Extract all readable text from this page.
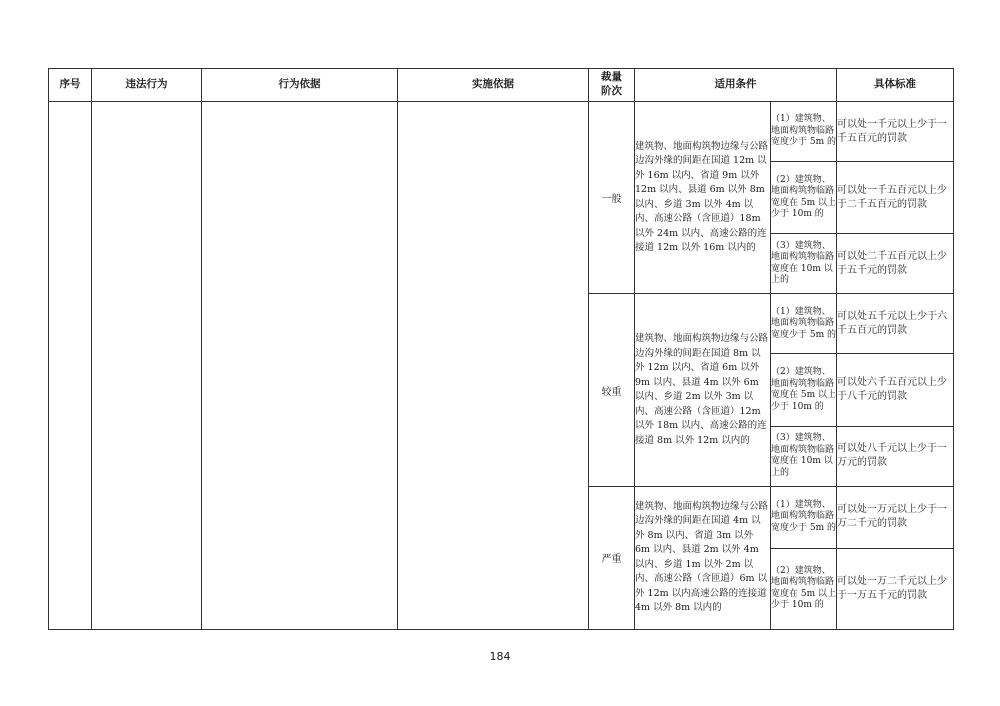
序号	违法行为	行为依据	实施依据	裁量
阶次	适用条件		具体标准
				一般	建筑物、地面构筑物边缘与公路边沟外缘的间距在国道 12m 以外 16m 以内、省道 9m 以外 12m 以内、县道 6m 以外 8m 以内、乡道 3m 以外 4m 以内、高速公路（含匝道）18m 以外 24m 以内、高速公路的连接道 12m 以外 16m 以内的	（1）建筑物、地面构筑物临路宽度少于 5m 的	可以处一千元以上少于一千五百元的罚款
						（2）建筑物、地面构筑物临路宽度在 5m 以上少于 10m 的	可以处一千五百元以上少于二千五百元的罚款
						（3）建筑物、地面构筑物临路宽度在 10m 以上的	可以处二千五百元以上少于五千元的罚款
				较重	建筑物、地面构筑物边缘与公路边沟外缘的间距在国道 8m 以外 12m 以内、省道 6m 以外 9m 以内、县道 4m 以外 6m 以内、乡道 2m 以外 3m 以内、高速公路（含匝道）12m 以外 18m 以内、高速公路的连接道 8m 以外 12m 以内的	（1）建筑物、地面构筑物临路宽度少于 5m 的	可以处五千元以上少于六千五百元的罚款
						（2）建筑物、地面构筑物临路宽度在 5m 以上少于 10m 的	可以处六千五百元以上少于八千元的罚款
						（3）建筑物、地面构筑物临路宽度在 10m 以上的	可以处八千元以上少于一万元的罚款
				严重	建筑物、地面构筑物边缘与公路边沟外缘的间距在国道 4m 以外 8m 以内、省道 3m 以外 6m 以内、县道 2m 以外 4m 以内、乡道 1m 以外 2m 以内、高速公路（含匝道）6m 以外 12m 以内高速公路的连接道 4m 以外 8m 以内的	（1）建筑物、地面构筑物临路宽度少于 5m 的	可以处一万元以上少于一万二千元的罚款
						（2）建筑物、地面构筑物临路宽度在 5m 以上少于 10m 的	可以处一万二千元以上少于一万五千元的罚款
184
